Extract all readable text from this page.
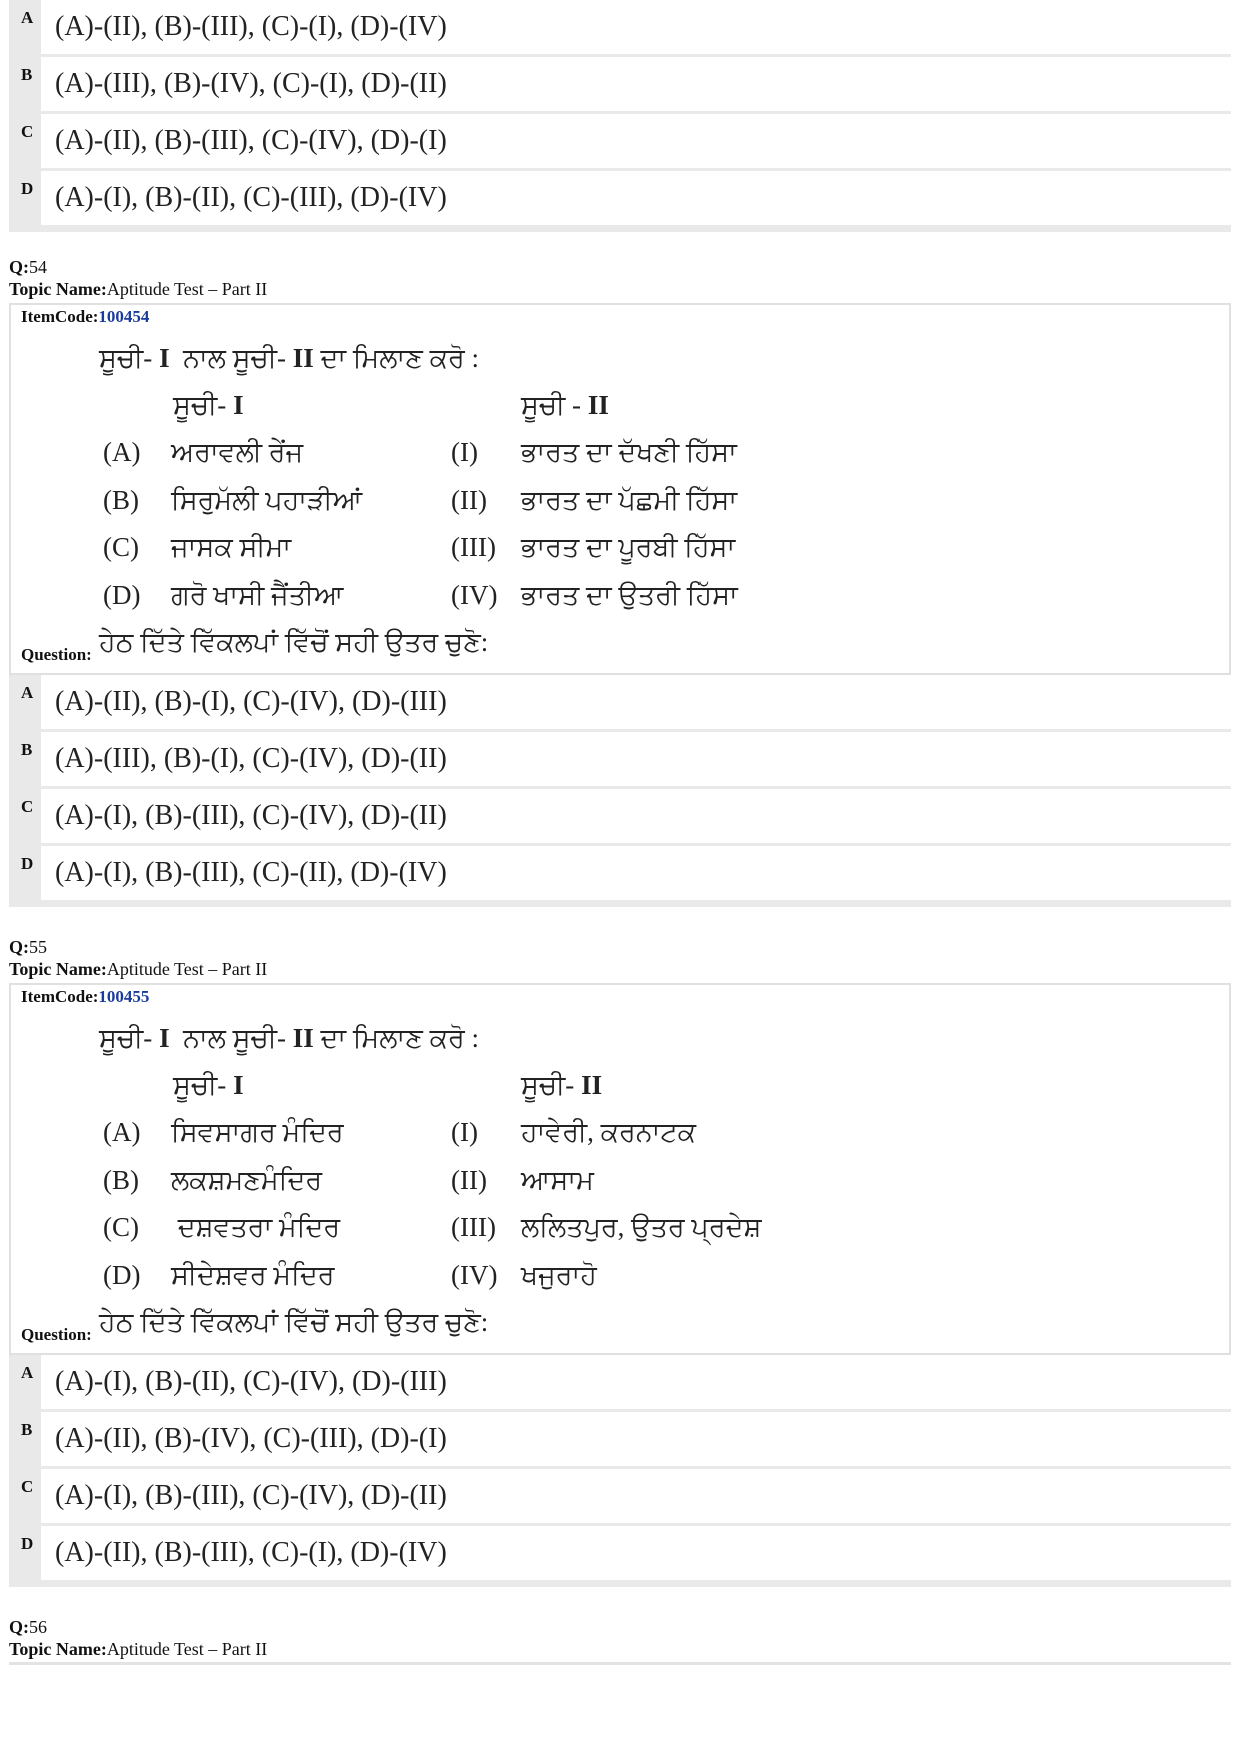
A (A)-(II), (B)-(III), (C)-(I), (D)-(IV)
B (A)-(III), (B)-(IV), (C)-(I), (D)-(II)
C (A)-(II), (B)-(III), (C)-(IV), (D)-(I)
D (A)-(I), (B)-(II), (C)-(III), (D)-(IV)
Q:54
Topic Name:Aptitude Test – Part II
ItemCode:100454
ਸੂਚੀ- I  ਨਾਲ ਸੂਚੀ- II ਦਾ ਮਿਲਾਣ ਕਰੋ :
ਸੂਚੀ- I	ਸੂਚੀ - II
(A) ਅਰਾਵਲੀ ਰੇਂਜ	(I) ਭਾਰਤ ਦਾ ਦੱਖਣੀ ਹਿੱਸਾ
(B) ਸਿਰੁਮੱਲੀ ਪਹਾੜੀਆਂ	(II) ਭਾਰਤ ਦਾ ਪੱਛਮੀ ਹਿੱਸਾ
(C) ਜਾਸਕ ਸੀਮਾ	(III) ਭਾਰਤ ਦਾ ਪੂਰਬੀ ਹਿੱਸਾ
(D) ਗਰੋ ਖਾਸੀ ਜੈਂਤੀਆ	(IV) ਭਾਰਤ ਦਾ ਉਤਰੀ ਹਿੱਸਾ
Question: ਹੇਠ ਦਿੱਤੇ ਵਿੱਕਲਪਾਂ ਵਿੱਚੋਂ ਸਹੀ ਉਤਰ ਚੁਣੋ:
A (A)-(II), (B)-(I), (C)-(IV), (D)-(III)
B (A)-(III), (B)-(I), (C)-(IV), (D)-(II)
C (A)-(I), (B)-(III), (C)-(IV), (D)-(II)
D (A)-(I), (B)-(III), (C)-(II), (D)-(IV)
Q:55
Topic Name:Aptitude Test – Part II
ItemCode:100455
ਸੂਚੀ- I  ਨਾਲ ਸੂਚੀ- II ਦਾ ਮਿਲਾਣ ਕਰੋ :
ਸੂਚੀ- I	ਸੂਚੀ- II
(A) ਸਿਵਸਾਗਰ ਮੰਦਿਰ	(I) ਹਾਵੇਰੀ, ਕਰਨਾਟਕ
(B) ਲਕਸ਼ਮਣਮੰਦਿਰ	(II) ਆਸਾਮ
(C) ਦਸ਼ਵਤਰਾ ਮੰਦਿਰ	(III) ਲਲਿਤਪੁਰ, ਉਤਰ ਪ੍ਰਦੇਸ਼
(D) ਸੀਦੇਸ਼ਵਰ ਮੰਦਿਰ	(IV) ਖਜੁਰਾਹੋ
Question: ਹੇਠ ਦਿੱਤੇ ਵਿੱਕਲਪਾਂ ਵਿੱਚੋਂ ਸਹੀ ਉਤਰ ਚੁਣੋ:
A (A)-(I), (B)-(II), (C)-(IV), (D)-(III)
B (A)-(II), (B)-(IV), (C)-(III), (D)-(I)
C (A)-(I), (B)-(III), (C)-(IV), (D)-(II)
D (A)-(II), (B)-(III), (C)-(I), (D)-(IV)
Q:56
Topic Name:Aptitude Test – Part II
